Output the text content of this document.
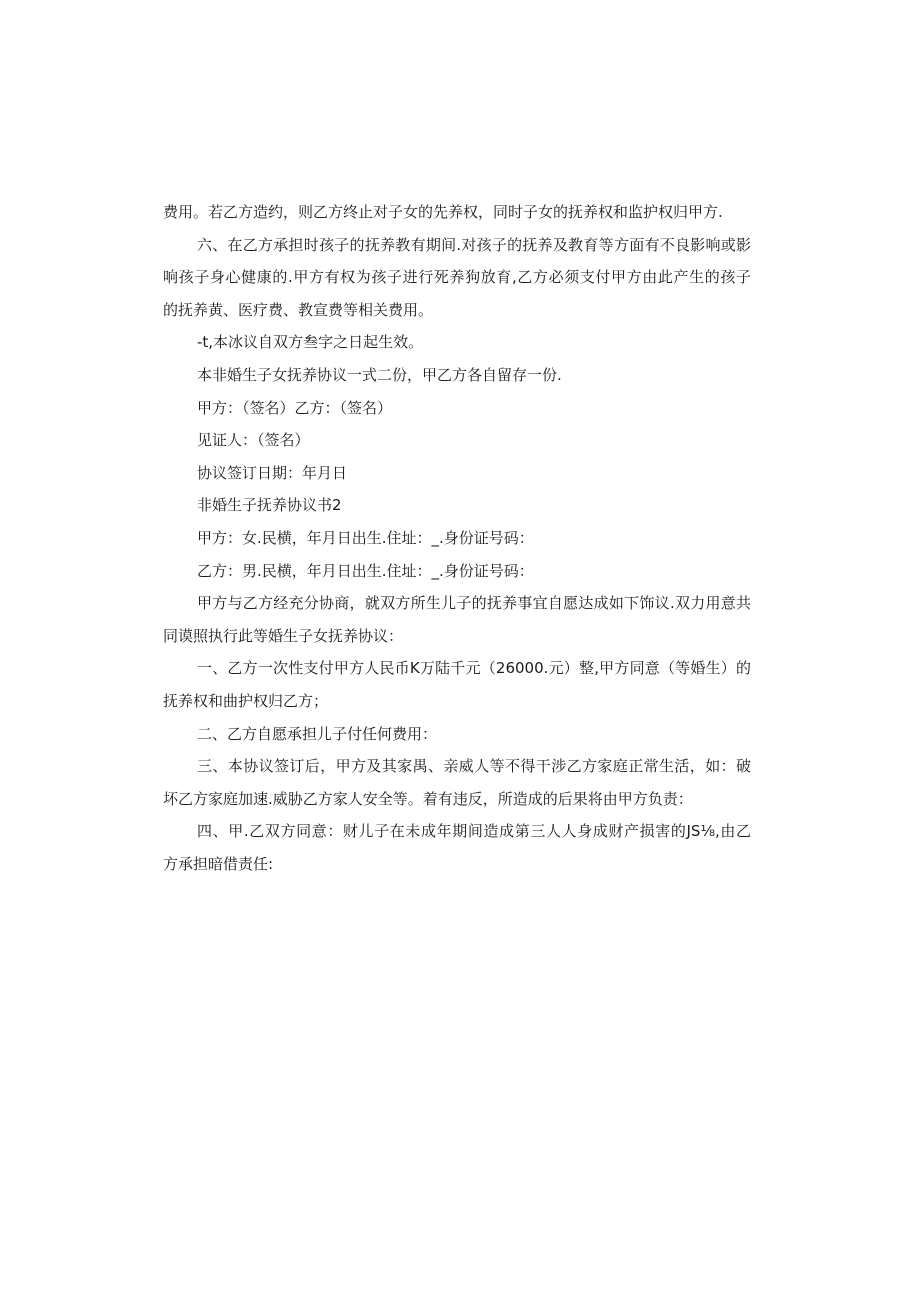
费用。若乙方造约，则乙方终止对子女的先养权，同时子女的抚养权和监护权归甲方.
六、在乙方承担时孩子的抚养教有期间.对孩子的抚养及教育等方面有不良影响或影
响孩子身心健康的.甲方有权为孩子进行死养狗放育,乙方必须支付甲方由此产生的孩子
的抚养黄、医疗费、教宣费等相关费用。
-t,本冰议自双方叁字之日起生效。
本非婚生子女抚养协议一式二份，甲乙方各自留存一份.
甲方：（签名）乙方：（签名）
见证人：（签名）
协议签订日期：年月日
非婚生子抚养协议书2
甲方：女.民横，年月日出生.住址：_.身份证号码：
乙方：男.民横，年月日出生.住址：_.身份证号码：
甲方与乙方经充分协商，就双方所生儿子的抚养事宜自愿达成如下饰议.双力用意共
同谟照执行此等婚生子女抚养协议：
一、乙方一次性支付甲方人民币K万陆千元（26000.元）整,甲方同意（等婚生）的
抚养权和曲护权归乙方；
二、乙方自愿承担儿子付任何费用：
三、本协议签订后，甲方及其家禺、亲威人等不得干涉乙方家庭正常生活，如：破
坏乙方家庭加速.威胁乙方家人安全等。着有违反，所造成的后果将由甲方负责：
四、甲.乙双方同意：财儿子在未成年期间造成第三人人身成财产损害的JS⅛,由乙
方承担暗借责任:
